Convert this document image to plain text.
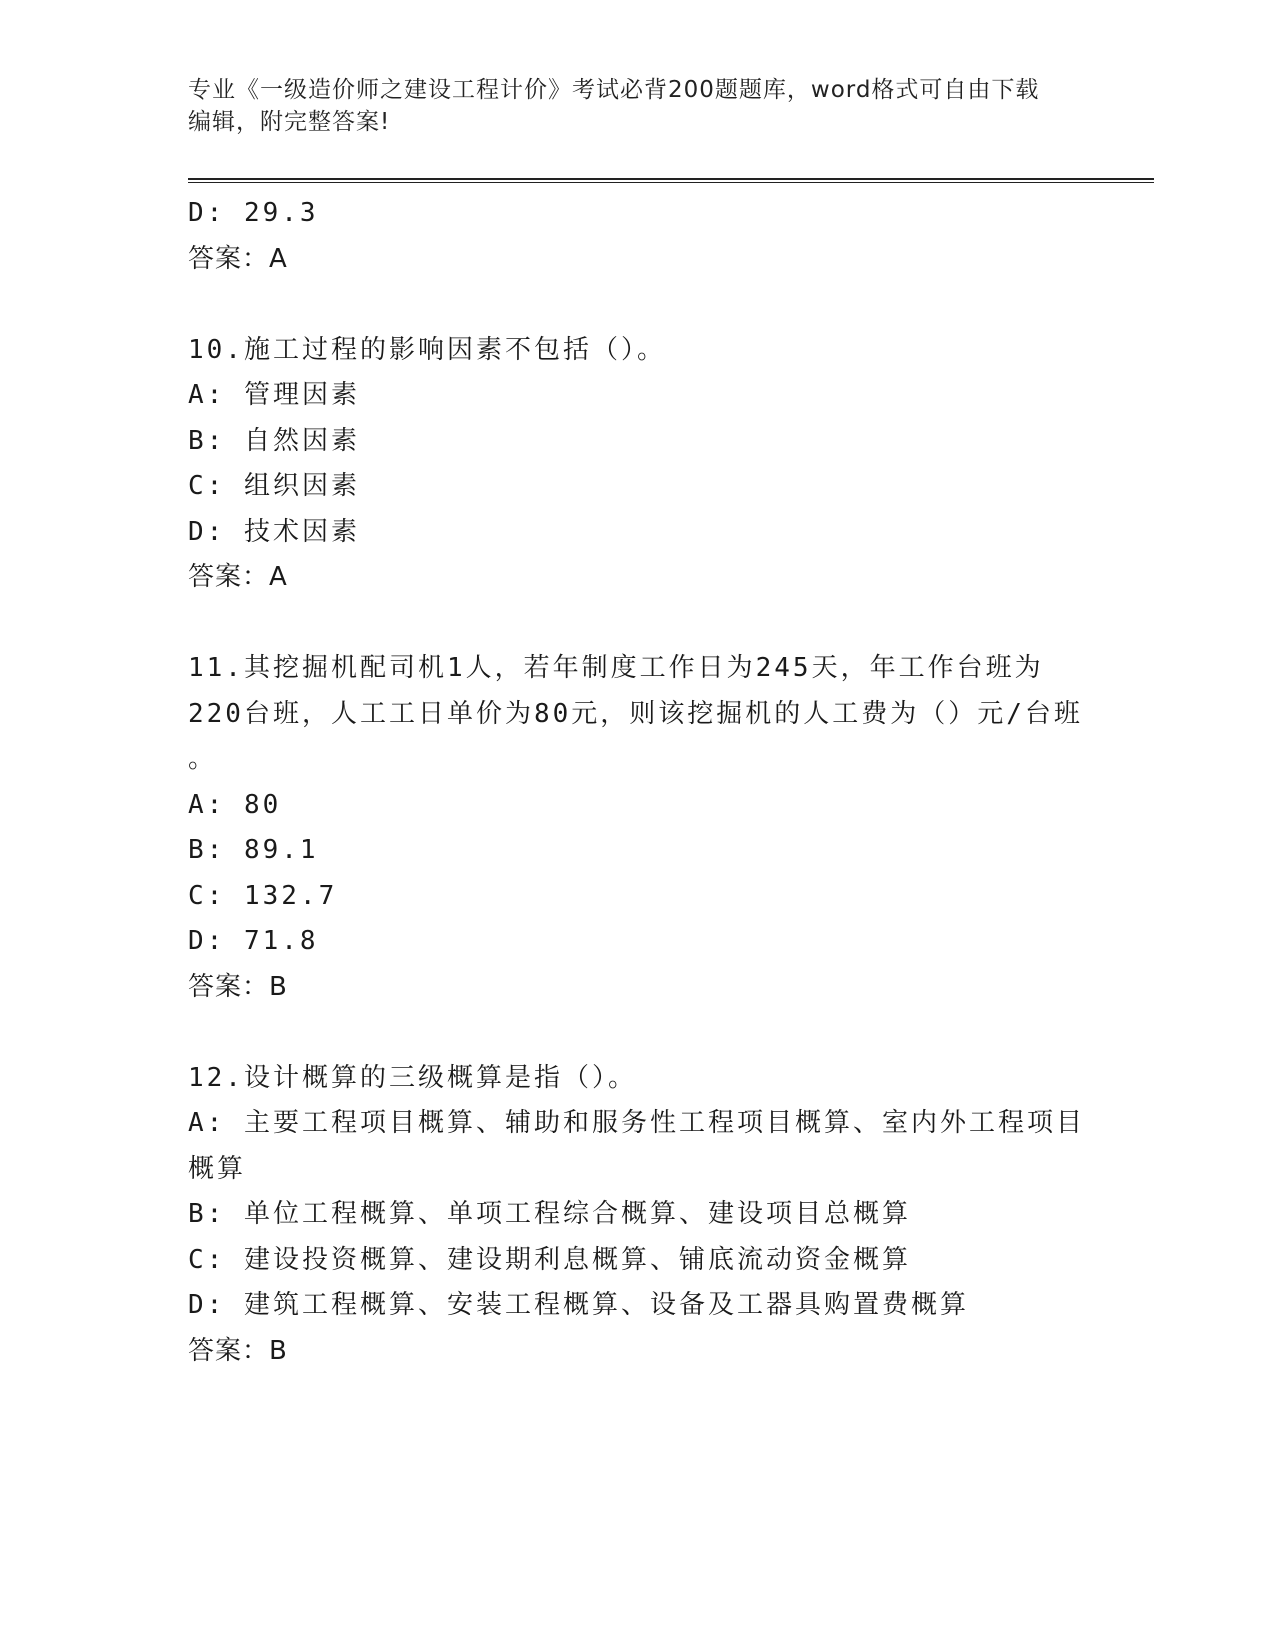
专业《一级造价师之建设工程计价》考试必背200题题库，word格式可自由下载
编辑，附完整答案!
D: 29.3
答案：A
10.施工过程的影响因素不包括（）。
A: 管理因素
B: 自然因素
C: 组织因素
D: 技术因素
答案：A
11.其挖掘机配司机1人，若年制度工作日为245天，年工作台班为
220台班，人工工日单价为80元，则该挖掘机的人工费为（）元/台班
。
A: 80
B: 89.1
C: 132.7
D: 71.8
答案：B
12.设计概算的三级概算是指（）。
A: 主要工程项目概算、辅助和服务性工程项目概算、室内外工程项目
概算
B: 单位工程概算、单项工程综合概算、建设项目总概算
C: 建设投资概算、建设期利息概算、铺底流动资金概算
D: 建筑工程概算、安装工程概算、设备及工器具购置费概算
答案：B
